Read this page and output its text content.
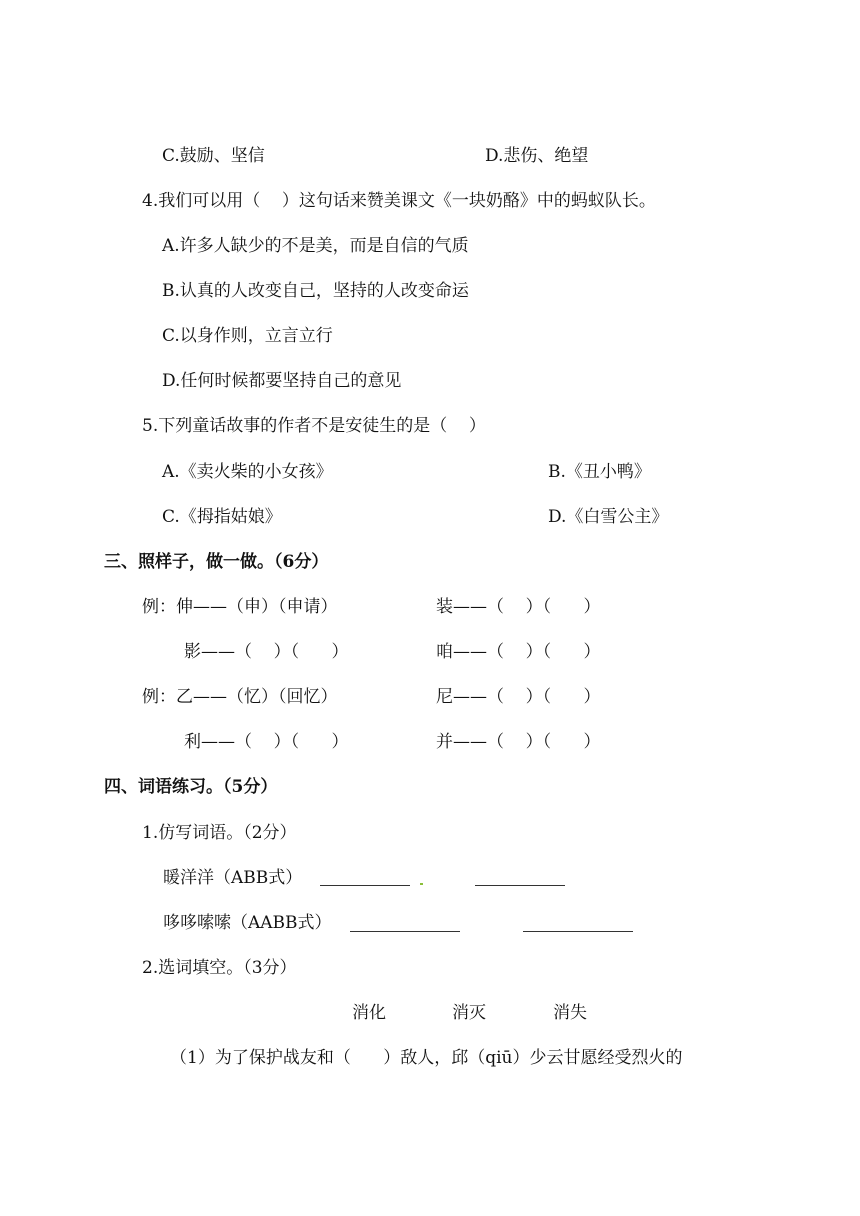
C.鼓励、坚信	D.悲伤、绝望
4.我们可以用（    ）这句话来赞美课文《一块奶酪》中的蚂蚁队长。
A.许多人缺少的不是美，而是自信的气质
B.认真的人改变自己，坚持的人改变命运
C.以身作则，立言立行
D.任何时候都要坚持自己的意见
5.下列童话故事的作者不是安徒生的是（    ）
A.《卖火柴的小女孩》	B.《丑小鸭》
C.《拇指姑娘》	D.《白雪公主》
三、照样子，做一做。（6分）
例：伸——（申）（申请）	装——（    ）（      ）
影——（    ）（      ）	咱——（    ）（      ）
例：乙——（忆）（回忆）	尼——（    ）（      ）
利——（    ）（      ）	并——（    ）（      ）
四、词语练习。（5分）
1.仿写词语。（2分）
暖洋洋（ABB式）
哆哆嗦嗦（AABB式）
2.选词填空。（3分）
消化	消灭	消失
（1）为了保护战友和（      ）敌人，邱（qiū）少云甘愿经受烈火的
